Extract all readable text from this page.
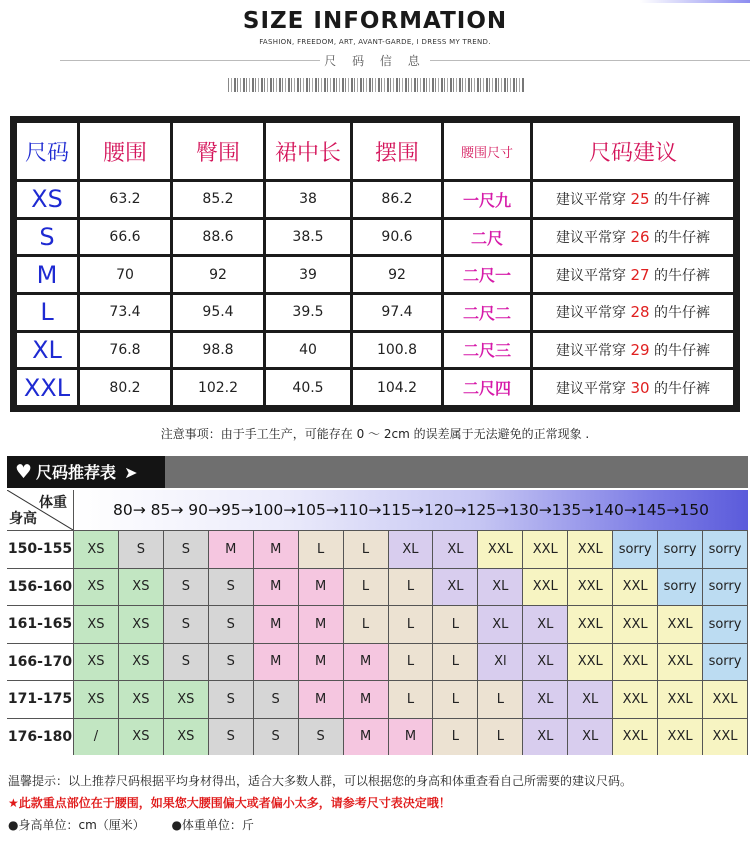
SIZE INFORMATION
FASHION, FREEDOM, ART, AVANT-GARDE, I DRESS MY TREND.
尺 码 信 息
尺码	腰围	臀围	裙中长	摆围	腰围尺寸	尺码建议
XS	63.2	85.2	38	86.2	一尺九	建议平常穿 25 的牛仔裤
S	66.6	88.6	38.5	90.6	二尺	建议平常穿 26 的牛仔裤
M	70	92	39	92	二尺一	建议平常穿 27 的牛仔裤
L	73.4	95.4	39.5	97.4	二尺二	建议平常穿 28 的牛仔裤
XL	76.8	98.8	40	100.8	二尺三	建议平常穿 29 的牛仔裤
XXL	80.2	102.2	40.5	104.2	二尺四	建议平常穿 30 的牛仔裤
注意事项：由于手工生产，可能存在 0 ～ 2cm 的误差属于无法避免的正常现象 .
♥ 尺码推荐表 ➤
体重
身高	80→ 85→ 90→95→100→105→110→115→120→125→130→135→140→145→150
150-155	XS	S	S	M	M	L	L	XL	XL	XXL	XXL	XXL	sorry sorry sorry
156-160	XS	XS	S	S	M	M	L	L	XL	XL	XXL	XXL	XXL	sorry sorry
161-165	XS	XS	S	S	M	M	L	L	L	XL	XL	XXL	XXL	XXL	sorry
166-170	XS	XS	S	S	M	M	M	L	L	Xl	XL	XXL	XXL	XXL	sorry
171-175	XS	XS	XS	S	S	M	M	L	L	L	XL	XL	XXL	XXL	XXL
176-180	/	XS	XS	S	S	S	M	M	L	L	XL	XL	XXL	XXL	XXL
温馨提示：以上推荐尺码根据平均身材得出，适合大多数人群，可以根据您的身高和体重查看自己所需要的建议尺码。
★此款重点部位在于腰围，如果您大腰围偏大或者偏小太多，请参考尺寸表决定哦！
●身高单位：cm（厘米）       ●体重单位：斤
